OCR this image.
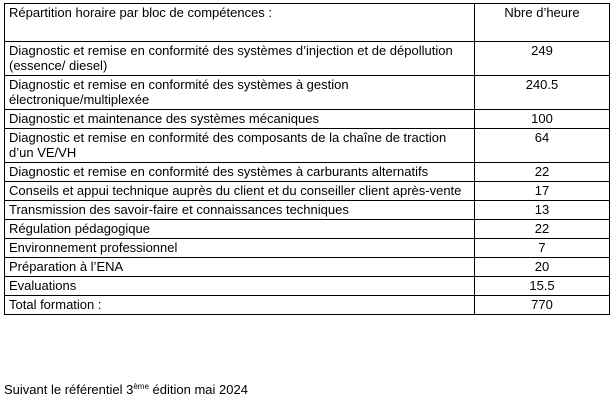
Répartition horaire par bloc de compétences :	Nbre d’heure
Diagnostic et remise en conformité des systèmes d’injection et de dépollution (essence/ diesel)	249
Diagnostic et remise en conformité des systèmes à gestion électronique/multiplexée	240.5
Diagnostic et maintenance des systèmes mécaniques	100
Diagnostic et remise en conformité des composants de la chaîne de traction d’un VE/VH	64
Diagnostic et remise en conformité des systèmes à carburants alternatifs	22
Conseils et appui technique auprès du client et du conseiller client après-vente	17
Transmission des savoir-faire et connaissances techniques	13
Régulation pédagogique	22
Environnement professionnel	7
Préparation à l’ENA	20
Evaluations	15.5
Total formation :	770
Suivant le référentiel 3ème édition mai 2024
